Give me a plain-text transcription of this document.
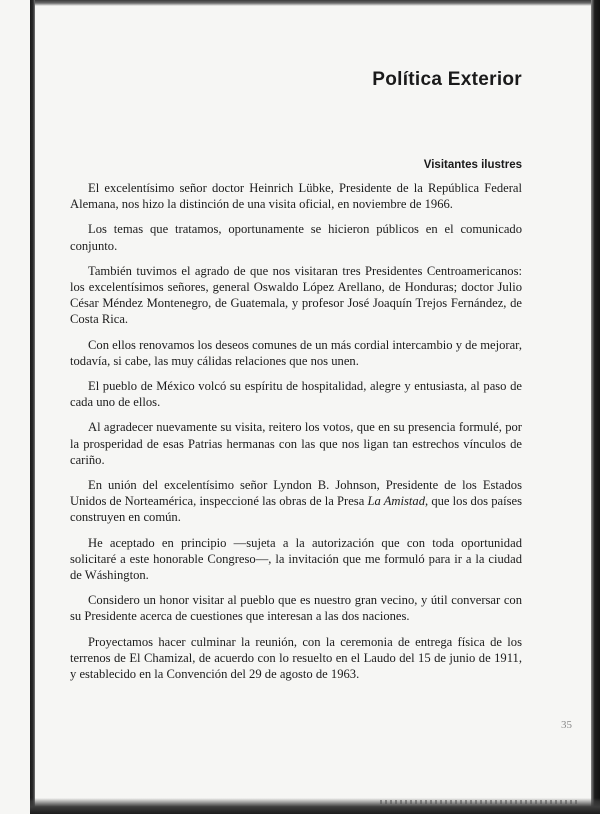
Política Exterior
Visitantes ilustres

El excelentísimo señor doctor Heinrich Lübke, Presidente de la República Federal Alemana, nos hizo la distinción de una visita oficial, en noviembre de 1966.

Los temas que tratamos, oportunamente se hicieron públicos en el comunicado conjunto.

También tuvimos el agrado de que nos visitaran tres Presidentes Centroamericanos: los excelentísimos señores, general Oswaldo López Arellano, de Honduras; doctor Julio César Méndez Montenegro, de Guatemala, y profesor José Joaquín Trejos Fernández, de Costa Rica.

Con ellos renovamos los deseos comunes de un más cordial intercambio y de mejorar, todavía, si cabe, las muy cálidas relaciones que nos unen.

El pueblo de México volcó su espíritu de hospitalidad, alegre y entusiasta, al paso de cada uno de ellos.

Al agradecer nuevamente su visita, reitero los votos, que en su presencia formulé, por la prosperidad de esas Patrias hermanas con las que nos ligan tan estrechos vínculos de cariño.

En unión del excelentísimo señor Lyndon B. Johnson, Presidente de los Estados Unidos de Norteamérica, inspeccioné las obras de la Presa La Amistad, que los dos países construyen en común.

He aceptado en principio —sujeta a la autorización que con toda oportunidad solicitaré a este honorable Congreso—, la invitación que me formuló para ir a la ciudad de Wáshington.

Considero un honor visitar al pueblo que es nuestro gran vecino, y útil conversar con su Presidente acerca de cuestiones que interesan a las dos naciones.

Proyectamos hacer culminar la reunión, con la ceremonia de entrega física de los terrenos de El Chamizal, de acuerdo con lo resuelto en el Laudo del 15 de junio de 1911, y establecido en la Convención del 29 de agosto de 1963.

35
